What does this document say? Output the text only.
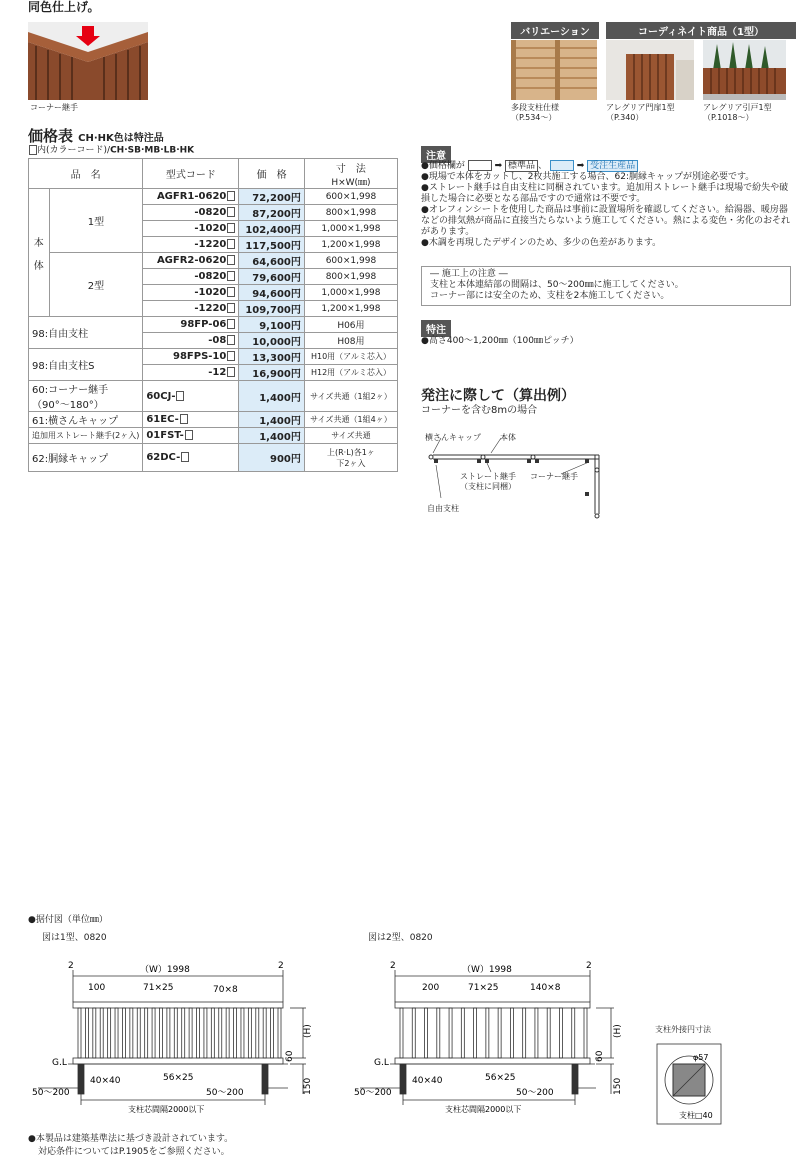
同色仕上げ。
コーナー継手
バリエーション	コーディネイト商品（1型）
多段支柱仕様
（P.534〜）
アレグリア門扉1型
（P.340）
アレグリア引戸1型
（P.1018〜）
価格表 CH·HK色は特注品
内(カラーコード)/CH·SB·MB·LB·HK
品　名		型式コード	価　格	寸　法
H×W(㎜)

本
体	1型	AGFR1-0620	72,200円	600×1,998
		-0820	87,200円	800×1,998
		-1020	102,400円	1,000×1,998
		-1220	117,500円	1,200×1,998
	2型	AGFR2-0620	64,600円	600×1,998
		-0820	79,600円	800×1,998
		-1020	94,600円	1,000×1,998
		-1220	109,700円	1,200×1,998
98:自由支柱		98FP-06	9,100円	H06用
		-08	10,000円	H08用
98:自由支柱S		98FPS-10	13,300円	H10用（アルミ芯入）
		-12	16,900円	H12用（アルミ芯入）

60:コーナー継手
（90°〜180°）		60CJ-	1,400円	サイズ共通（1組2ヶ）
61:横さんキャップ		61EC-	1,400円	サイズ共通（1組4ヶ）
追加用ストレート継手(2ヶ入)		01FST-	1,400円	サイズ共通
62:胴縁キャップ		62DC-	900円	上(R·L)各1ヶ
下2ヶ入
注意
●価格欄が	➡ 標準品 、	➡ 受注生産品
●現場で本体をカットし、2枚共施工する場合、62:胴縁キャップが別途必要です。
●ストレート継手は自由支柱に同梱されています。追加用ストレート継手は現場で紛失や破損した場合に必要となる部品ですので通常は不要です。
●オレフィンシートを使用した商品は事前に設置場所を確認してください。給湯器、暖房器などの排気熱が商品に直接当たらないよう施工してください。熱による変色・劣化のおそれがあります。
●木調を再現したデザインのため、多少の色差があります。
― 施工上の注意 ―
支柱と本体連結部の間隔は、50〜200㎜に施工してください。
コーナー部には安全のため、支柱を2本施工してください。
特注
●高さ400〜1,200㎜（100㎜ピッチ）
発注に際して（算出例）
コーナーを含む8mの場合
横さんキャップ 本体
ストレート継手
（支柱に同梱）
コーナー継手
自由支柱
●据付図（単位㎜）
図は1型、0820	図は2型、0820
2	2
（W）1998
100	71×25	70×8
(H)
60
150
G.L
40×40	56×25
50〜200	50〜200
支柱芯間隔2000以下
2	2
（W）1998
200	71×25	140×8
(H)
60
150
G.L
40×40	56×25
50〜200	50〜200
支柱芯間隔2000以下
支柱外接円寸法
φ57
支柱□40
●本製品は建築基準法に基づき設計されています。
対応条件についてはP.1905をご参照ください。
